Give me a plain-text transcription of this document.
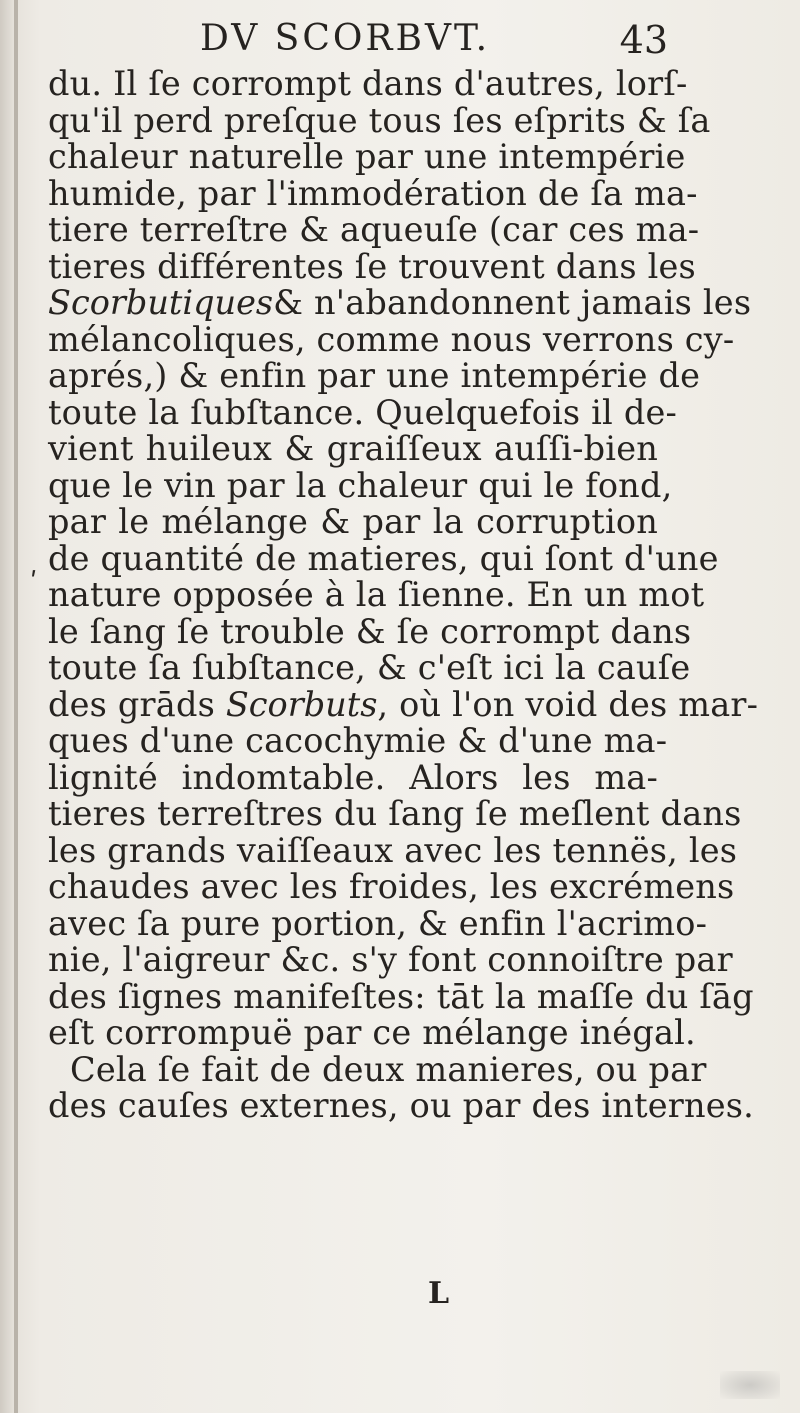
DV SCORBVT.	43
ʹ
du. Il ſe corrompt dans d'autres, lorſ-
qu'il perd preſque tous ſes eſprits & ſa
chaleur naturelle par une intempérie
humide, par l'immodération de ſa ma-
tiere terreſtre & aqueuſe (car ces ma-
tieres différentes ſe trouvent dans les
Scorbutiques& n'abandonnent jamais les
mélancoliques, comme nous verrons cy-
aprés,) & enfin par une intempérie de
toute la ſubſtance. Quelquefois il de-
vient huileux & graiſſeux auſſi-bien
que le vin par la chaleur qui le fond,
par le mélange & par la corruption
de quantité de matieres, qui ſont d'une
nature opposée à la ſienne. En un mot
le ſang ſe trouble & ſe corrompt dans
toute ſa ſubſtance, & c'eſt ici la cauſe
des grāds Scorbuts, où l'on void des mar-
ques d'une cacochymie & d'une ma-
lignité indomtable. Alors les ma-
tieres terreſtres du ſang ſe meſlent dans
les grands vaiſſeaux avec les tennës, les
chaudes avec les froides, les excrémens
avec ſa pure portion, & enfin l'acrimo-
nie, l'aigreur &c. s'y font connoiſtre par
des ſignes manifeſtes: tāt la maſſe du ſāg
eſt corrompuë par ce mélange inégal.
Cela ſe fait de deux manieres, ou par
des cauſes externes, ou par des internes.
L
